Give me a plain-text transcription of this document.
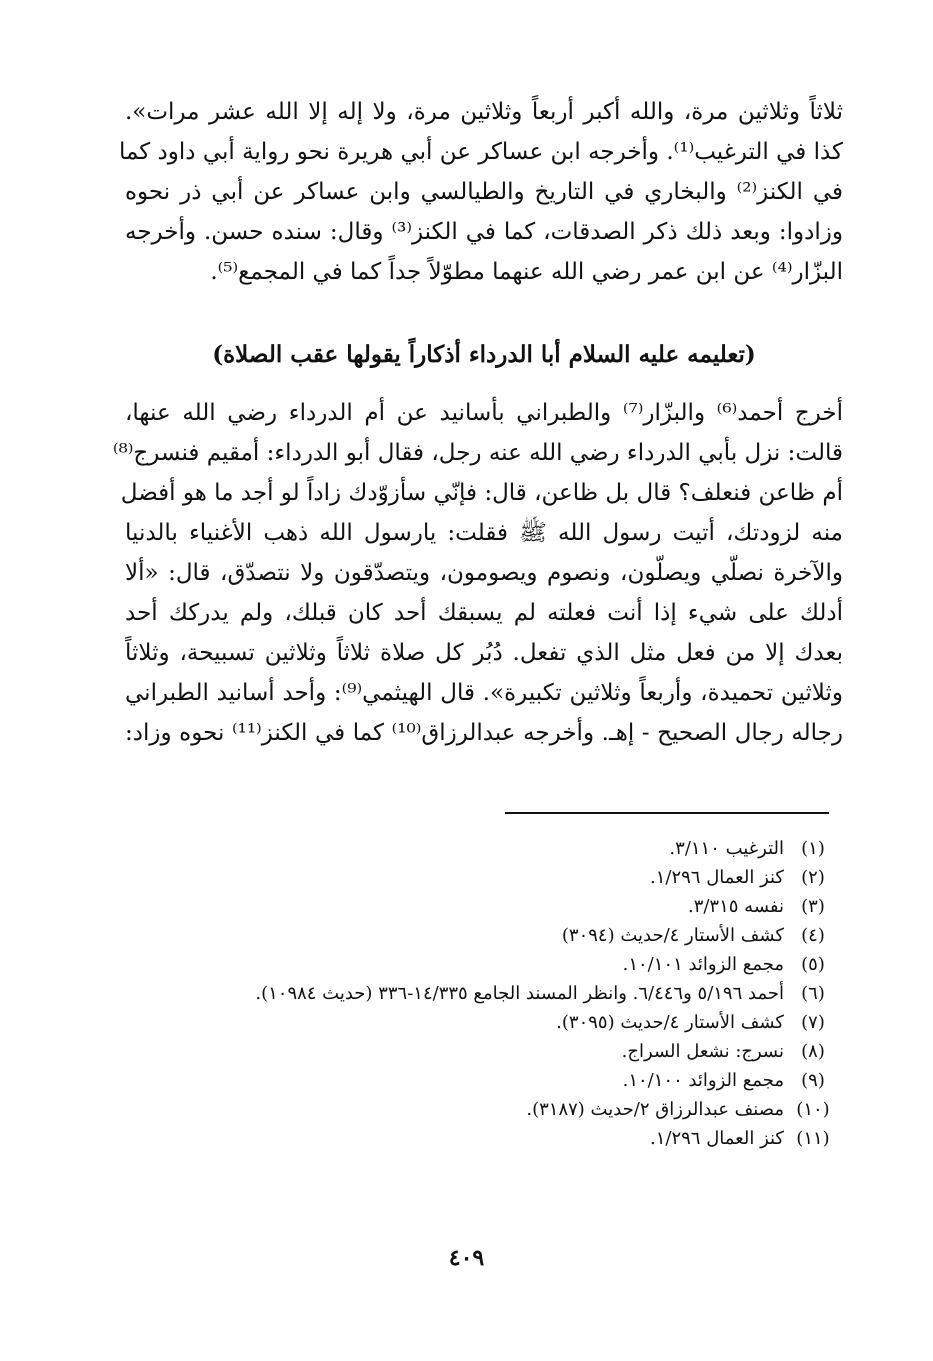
ثلاثاً وثلاثين مرة، والله أكبر أربعاً وثلاثين مرة، ولا إله إلا الله عشر مرات».
كذا في الترغيب⁽¹⁾. وأخرجه ابن عساكر عن أبي هريرة نحو رواية أبي داود كما
في الكنز⁽²⁾ والبخاري في التاريخ والطيالسي وابن عساكر عن أبي ذر نحوه
وزادوا: وبعد ذلك ذكر الصدقات، كما في الكنز⁽³⁾ وقال: سنده حسن. وأخرجه
البزّار⁽⁴⁾ عن ابن عمر رضي الله عنهما مطوّلاً جداً كما في المجمع⁽⁵⁾.
(تعليمه عليه السلام أبا الدرداء أذكاراً يقولها عقب الصلاة)
أخرج أحمد⁽⁶⁾ والبزّار⁽⁷⁾ والطبراني بأسانيد عن أم الدرداء رضي الله عنها،
قالت: نزل بأبي الدرداء رضي الله عنه رجل، فقال أبو الدرداء: أمقيم فنسرج⁽⁸⁾
أم ظاعن فنعلف؟ قال بل ظاعن، قال: فإنّي سأزوّدك زاداً لو أجد ما هو أفضل
منه لزودتك، أتيت رسول الله ﷺ فقلت: يارسول الله ذهب الأغنياء بالدنيا
والآخرة نصلّي ويصلّون، ونصوم ويصومون، ويتصدّقون ولا نتصدّق، قال: «ألا
أدلك على شيء إذا أنت فعلته لم يسبقك أحد كان قبلك، ولم يدركك أحد
بعدك إلا من فعل مثل الذي تفعل. دُبُر كل صلاة ثلاثاً وثلاثين تسبيحة، وثلاثاً
وثلاثين تحميدة، وأربعاً وثلاثين تكبيرة». قال الهيثمي⁽⁹⁾: وأحد أسانيد الطبراني
رجاله رجال الصحيح - إهـ. وأخرجه عبدالرزاق⁽¹⁰⁾ كما في الكنز⁽¹¹⁾ نحوه وزاد:
(١)
الترغيب ٣/١١٠.
(٢)
كنز العمال ١/٢٩٦.
(٣)
نفسه ٣/٣١٥.
(٤)
كشف الأستار ٤/حديث (٣٠٩٤)
(٥)
مجمع الزوائد ١٠/١٠١.
(٦)
أحمد ٥/١٩٦ و٦/٤٤٦. وانظر المسند الجامع ١٤/٣٣٥-٣٣٦ (حديث ١٠٩٨٤).
(٧)
كشف الأستار ٤/حديث (٣٠٩٥).
(٨)
نسرج: نشعل السراج.
(٩)
مجمع الزوائد ١٠/١٠٠.
(١٠)
مصنف عبدالرزاق ٢/حديث (٣١٨٧).
(١١)
كنز العمال ١/٢٩٦.
٤٠٩
